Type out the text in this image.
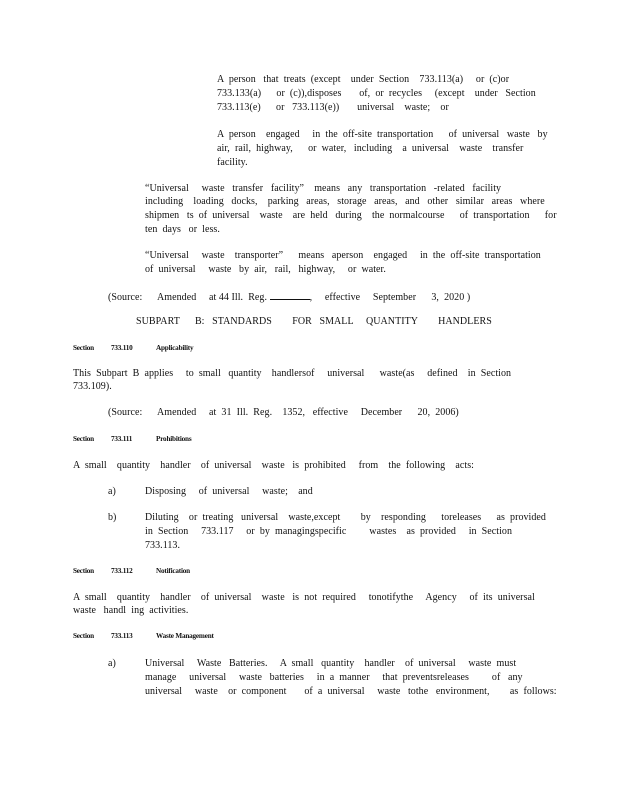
A  person   that  treats  (except    under  Section    733.113(a)     or  (c)or
733.133(a)      or  (c)),disposes       of,  or  recycles     (except    under   Section
733.113(e)      or   733.113(e))       universal    waste;    or
A  person    engaged     in  the  off-site  transportation      of  universal   waste   by
air,  rail,  highway,      or  water,   including    a  universal    waste    transfer
facility.
“Universal     waste   transfer   facility”    means   any   transportation   -related   facility
including    loading   docks,    parking   areas,   storage   areas,   and   other   similar   areas   where
shipmen   ts  of  universal    waste    are  held   during    the  normalcourse      of  transportation      for
ten  days   or  less.
“Universal     waste    transporter”      means   aperson    engaged     in  the  off-site  transportation
of  universal     waste   by  air,   rail,   highway,     or  water.
(Source:      Amended     at 44 Ill.  Reg.	,     effective     September      3,  2020 )
SUBPART      B:   STANDARDS        FOR   SMALL     QUANTITY        HANDLERS
Section 733.110	Applicability
This  Subpart  B  applies     to  small   quantity    handlersof     universal      waste(as     defined    in  Section
733.109).
(Source:      Amended     at  31  Ill.  Reg.    1352,   effective     December      20,  2006)
Section 733.111	Prohibitions
A  small    quantity    handler    of  universal    waste   is  prohibited     from    the  following    acts:
a)	Disposing     of  universal     waste;    and
b)	Diluting    or  treating   universal    waste,except        by    responding      toreleases      as  provided
in  Section     733.117     or  by  managingspecific         wastes    as  provided     in  Section
733.113.
Section 733.112	Notification
A  small    quantity    handler    of  universal    waste   is  not  required     tonotifythe     Agency     of  its  universal
waste   handl  ing  activities.
Section 733.113	Waste Management
a)	Universal     Waste   Batteries.     A  small   quantity    handler    of  universal     waste  must
manage     universal     waste   batteries     in  a  manner     that  preventsreleases         of   any
universal     waste    or  component       of  a  universal     waste   tothe   environment,        as  follows:
